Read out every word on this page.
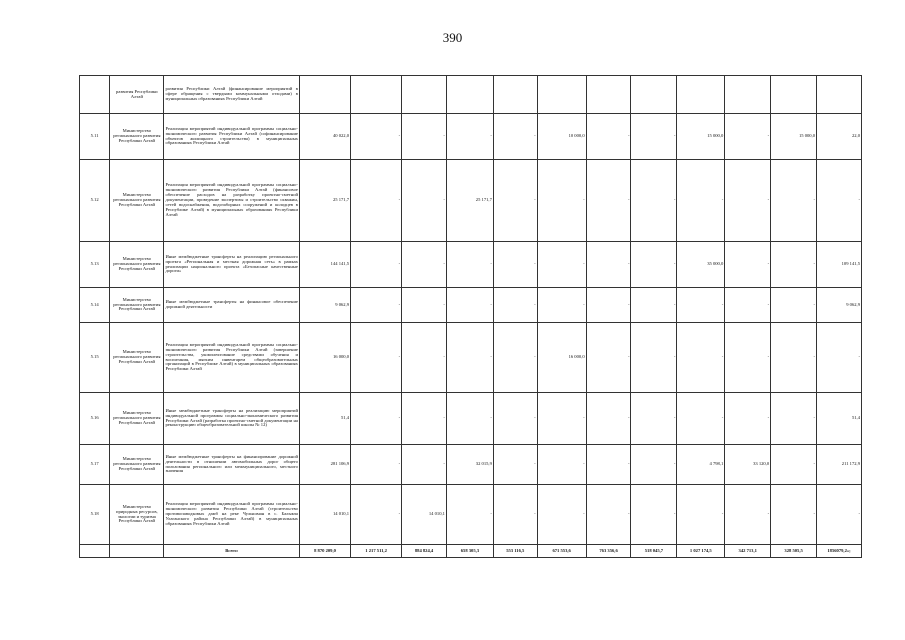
390
	развития Республики Алтай	развития Республики Алтай (финансирование мероприятий в сфере обращения с твердыми коммунальными отходами) в муниципальных образованиях Республики Алтай												
5.11	Министерство регионального развития Республики Алтай	Реализация мероприятий индивидуальной программы социально-экономического развития Республики Алтай (софинансирование объектов жилищного строительства) в муниципальных образованиях Республики Алтай	40 022,0	-	-	-	-	10 000,0	-	-	15 000,0	-	15 000,0	22,0
5.12	Министерство регионального развития Республики Алтай	Реализация мероприятий индивидуальной программы социально-экономического развития Республики Алтай (финансовое обеспечение расходов на разработку проектно-сметной документации, проведение экспертизы и строительство скважин, сетей водоснабжения, водозаборных сооружений и колодцев в Республике Алтай) в муниципальных образованиях Республики Алтай	25 171,7	-	-	25 171,7	-	-	-	-	-	-	-	-
5.13	Министерство регионального развития Республики Алтай	Иные межбюджетные трансферты на реализацию регионального проекта «Региональная и местная дорожная сеть» в рамках реализации национального проекта «Безопасные качественные дороги»	144 141,5	-	-	-	-	-	-	-	35 000,0	-	-	109 141,5
5.14	Министерство регионального развития Республики Алтай	Иные межбюджетные трансферты на финансовое обеспечение дорожной деятельности	9 062,9	-	-	-	-	-	-	-	-	-	-	9 062,9
5.15	Министерство регионального развития Республики Алтай	Реализация мероприятий индивидуальной программы социально-экономического развития Республики Алтай (завершение строительства, укомплектование средствами обучения и воспитания, мягким инвентарем общеобразовательных организаций в Республике Алтай) в муниципальных образованиях Республики Алтай	16 000,0	-	-	-	-	16 000,0	-	-	-	-	-	-
5.16	Министерство регионального развития Республики Алтай	Иные межбюджетные трансферты на реализацию мероприятий индивидуальной программы социально-экономического развития Республики Алтай (разработка проектно-сметной документации на реконструкцию общеобразовательной школы № 12)	51,4	-	-	-	-	-	-	-	-	-	-	51,4
5.17	Министерство регионального развития Республики Алтай	Иные межбюджетные трансферты на финансирование дорожной деятельности в отношении автомобильных дорог общего пользования регионального или межмуниципального, местного значения	281 106,9	-	-	32 015,9	-	-	-	-	4 798,1	33 120,0	-	211 172,9
5.18	Министерство природных ресурсов, экологии и туризма Республики Алтай	Реализация мероприятий индивидуальной программы социально-экономического развития Республики Алтай (строительство противопаводковых дамб на реке Чулышман в с. Балыкча Улаганского района Республики Алтай) в муниципальных образованиях Республики Алтай	14 010,1	-	14 010,1	-	-	-	-	-	-	-	-	-
		Всего:	8 870 209,0	1 217 511,2	884 824,4	658 305,3	553 116,5	671 553,6	763 356,6	518 045,7	1 027 174,5	342 713,1	328 505,5	1856079,2»;
